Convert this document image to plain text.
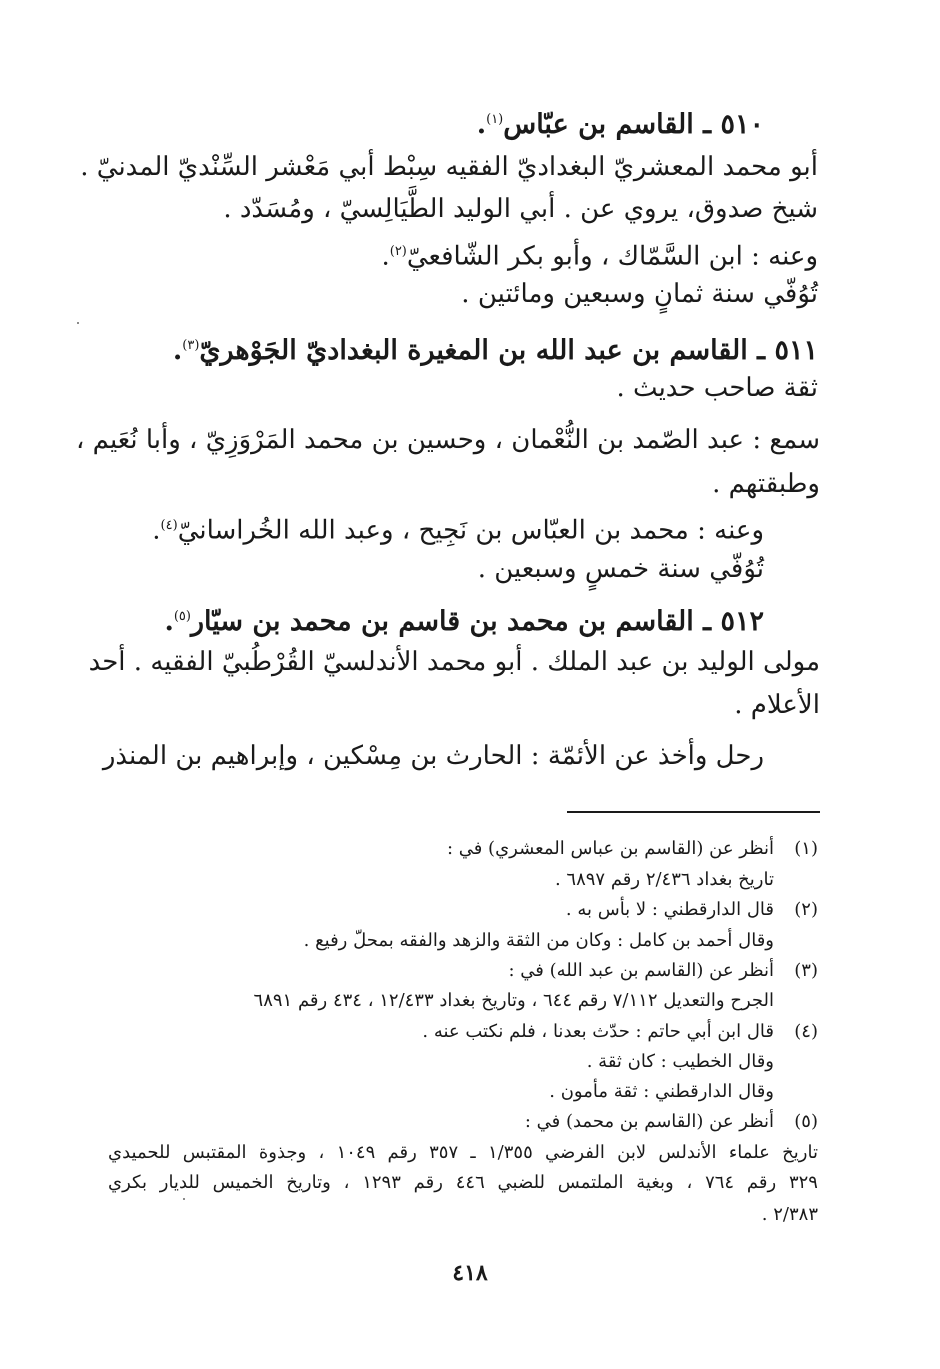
٥١٠ ـ القاسم بن عبّاس$^{(١)}$.
أبو محمد المعشريّ البغداديّ الفقيه سِبْط أبي مَعْشر السِّنْديّ المدنيّ .
شيخ صدوق، يروي عن . أبي الوليد الطَّيَالِسيّ ، ومُسَدّد .
وعنه : ابن السَّمّاك ، وأبو بكر الشّافعيّ$^{(٢)}$.
تُوُفّي سنة ثمانٍ وسبعين ومائتين .
٥١١ ـ القاسم بن عبد الله بن المغيرة البغداديّ الجَوْهريّ$^{(٣)}$.
ثقة صاحب حديث .
سمع : عبد الصّمد بن النُّعْمان ، وحسين بن محمد المَرْوَزِيّ ، وأبا نُعَيم ،
وطبقتهم .
وعنه : محمد بن العبّاس بن نَجِيح ، وعبد الله الخُراسانيّ$^{(٤)}$.
تُوُفّي سنة خمسٍ وسبعين .
٥١٢ ـ القاسم بن محمد بن قاسم بن محمد بن سيّار$^{(٥)}$.
مولى الوليد بن عبد الملك . أبو محمد الأندلسيّ القُرْطُبيّ الفقيه . أحد
الأعلام .
رحل وأخذ عن الأئمّة : الحارث بن مِسْكين ، وإبراهيم بن المنذر
(١)أنظر عن (القاسم بن عباس المعشري) في :
تاريخ بغداد ٢/٤٣٦ رقم ٦٨٩٧ .
(٢)قال الدارقطني : لا بأس به .
وقال أحمد بن كامل : وكان من الثقة والزهد والفقه بمحلّ رفيع .
(٣)أنظر عن (القاسم بن عبد الله) في :
الجرح والتعديل ٧/١١٢ رقم ٦٤٤ ، وتاريخ بغداد ١٢/٤٣٣ ، ٤٣٤ رقم ٦٨٩١
(٤)قال ابن أبي حاتم : حدّث بعدنا ، فلم نكتب عنه .
وقال الخطيب : كان ثقة .
وقال الدارقطني : ثقة مأمون .
(٥)أنظر عن (القاسم بن محمد) في :
تاريخ علماء الأندلس لابن الفرضي ١/٣٥٥ ـ ٣٥٧ رقم ١٠٤٩ ، وجذوة المقتبس للحميدي
٣٢٩ رقم ٧٦٤ ، وبغية الملتمس للضبي ٤٤٦ رقم ١٢٩٣ ، وتاريخ الخميس للديار بكري
٢/٣٨٣ .
٤١٨
